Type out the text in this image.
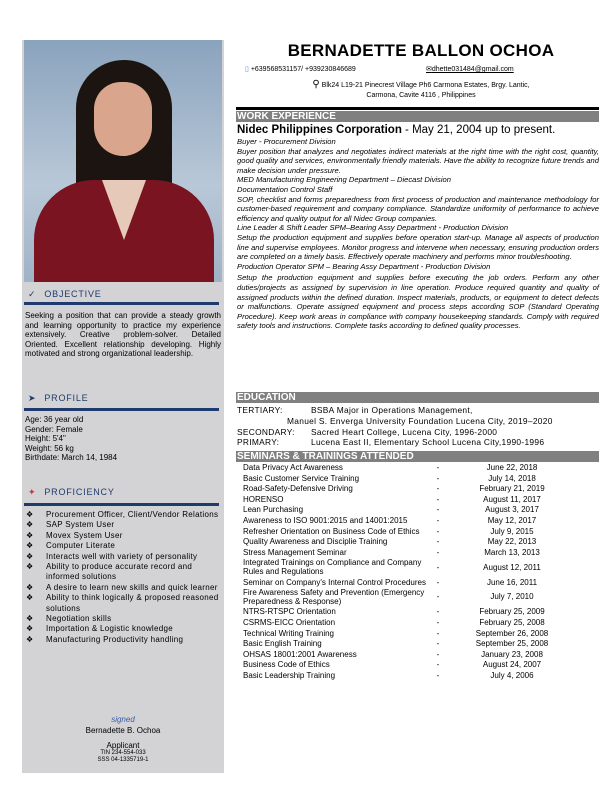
✓ OBJECTIVE
Seeking a position that can provide a steady growth and learning opportunity to practice my experience extensively. Creative problem-solver. Detailed Oriented. Excellent relationship developing. Highly motivated and strong organizational leadership.
➤ PROFILE
Age: 36 year old
Gender: Female
Height: 5'4"
Weight: 56 kg
Birthdate: March 14, 1984
✦ PROFICIENCY
❖ Procurement Officer, Client/Vendor Relations
❖ SAP System User
❖ Movex System User
❖ Computer Literate
❖ Interacts well with variety of personality
❖ Ability to produce accurate record and informed solutions
❖ A desire to learn new skills and quick learner
❖ Ability to think logically & proposed reasoned solutions
❖ Negotiation skills
❖ Importation & Logistic knowledge
❖ Manufacturing Productivity handling
signed
Bernadette B. Ochoa
Applicant
TIN 234-554-033
SSS 04-1335719-1
BERNADETTE BALLON OCHOA
▯ +639568531157/ +939230846689	✉dhette031484@gmail.com
⚲ Blk24 L19-21 Pinecrest Village Ph6 Carmona Estates, Brgy. Lantic,
Carmona, Cavite 4116 , Philippines
WORK EXPERIENCE
Nidec Philippines Corporation - May 21, 2004 up to present.
Buyer - Procurement Division
Buyer position that analyzes and negotiates indirect materials at the right time with the right cost, quantity, good quality and services, environmentally friendly materials. Have the ability to recognize future trends and make decision under pressure.
MED Manufacturing Engineering Department – Diecast Division
Documentation Control Staff
SOP, checklist and forms preparedness from first process of production and maintenance methodology for customer-based requirement and company compliance. Standardize uniformity of performance to achieve efficiency and quality output for all Nidec Group companies.
Line Leader & Shift Leader SPM–Bearing Assy Department - Production Division
Setup the production equipment and supplies before operation start-up. Manage all aspects of production line and supervise employees. Monitor progress and intervene when necessary, ensuring production orders are completed on a timely basis. Effectively operate machinery and performs minor troubleshooting.
Production Operator SPM – Bearing Assy Department - Production Division
Setup the production equipment and supplies before executing the job orders. Perform any other duties/projects as assigned by supervision in line operation. Produce required quantity and quality of assigned products within the defined duration. Inspect materials, products, or equipment to detect defects or malfunctions. Operate assigned equipment and process steps according SOP (Standard Operating Procedure). Keep work areas in compliance with company housekeeping standards. Comply with required safety tools and instructions. Complete tasks according to defined quality processes.
EDUCATION
TERTIARY:	BSBA Major in Operations Management,
Manuel S. Enverga University Foundation Lucena City, 2019–2020
SECONDARY:	Sacred Heart College, Lucena City, 1996-2000
PRIMARY:	Lucena East II, Elementary School Lucena City,1990-1996
SEMINARS & TRAININGS ATTENDED
Data Privacy Act Awareness	-	June 22, 2018
Basic Customer Service Training	-	July 14, 2018
Road-Safety-Defensive Driving	-	February 21, 2019
HORENSO	-	August 11, 2017
Lean Purchasing	-	August 3, 2017
Awareness to ISO 9001:2015 and 14001:2015	-	May 12, 2017
Refresher Orientation on Business Code of Ethics	-	July 9, 2015
Quality Awareness and Disciplie Training	-	May 22, 2013
Stress Management Seminar	-	March 13, 2013
Integrated Trainings on Compliance and Company Rules and Regulations	-	August 12, 2011
Seminar on Company's Internal Control Procedures	-	June 16, 2011
Fire Awareness Safety and Prevention (Emergency Preparedness & Response)	-	July 7, 2010
NTRS-RTSPC Orientation	-	February 25, 2009
CSRMS-EICC Orientation	-	February 25, 2008
Technical Writing Training	-	September 26, 2008
Basic English Training	-	September 25, 2008
OHSAS 18001:2001 Awareness	-	January 23, 2008
Business Code of Ethics	-	August 24, 2007
Basic Leadership Training	-	July 4, 2006
